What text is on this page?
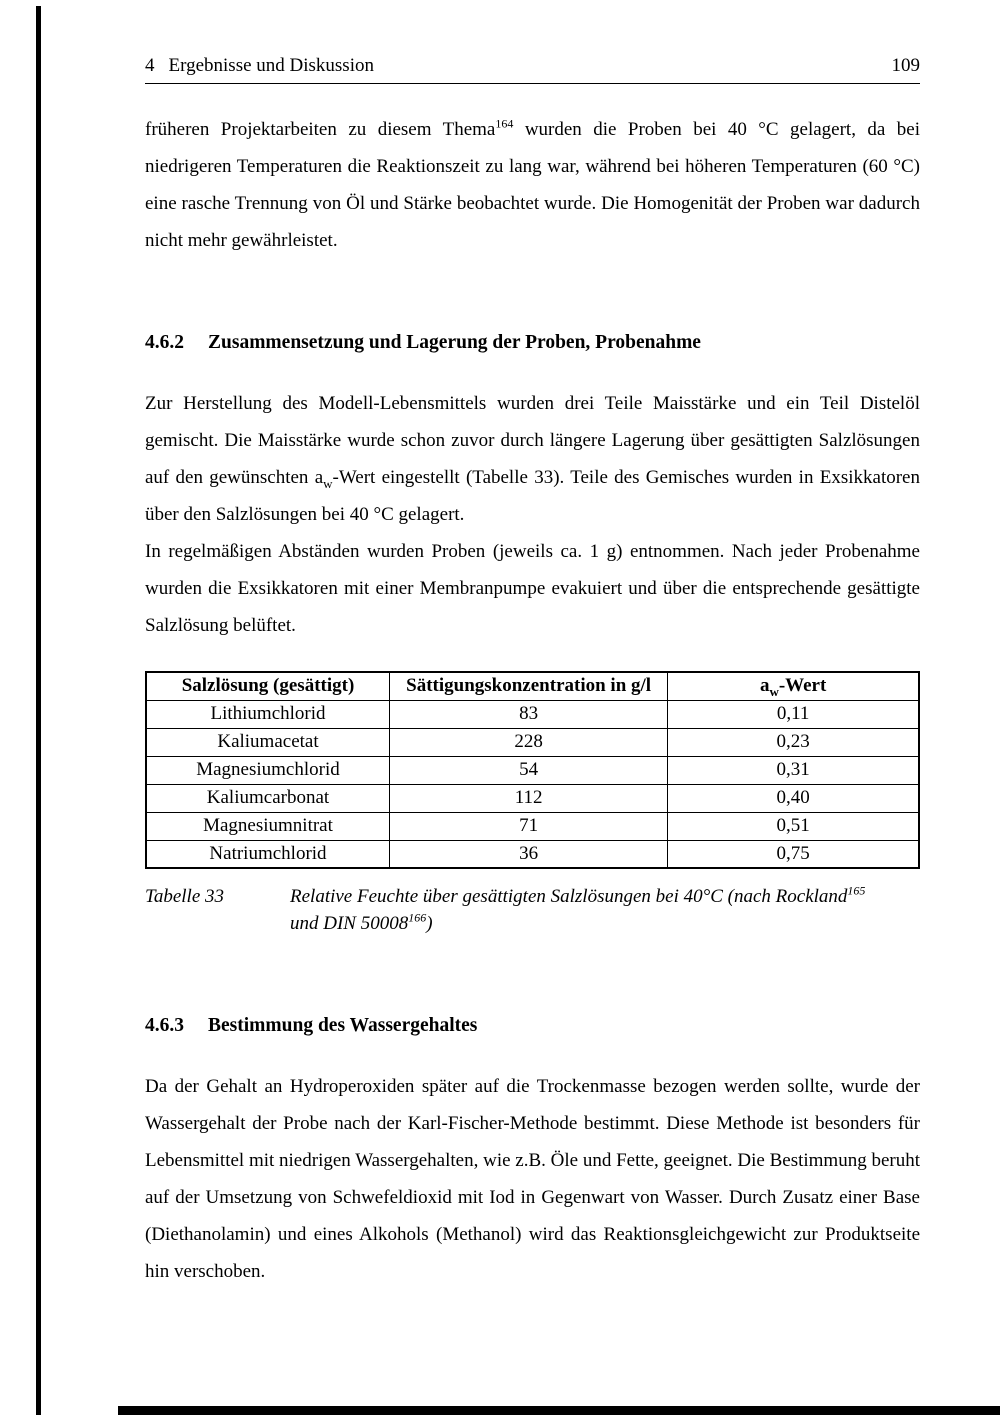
4 Ergebnisse und Diskussion	109

früheren Projektarbeiten zu diesem Thema$^{164}$ wurden die Proben bei 40 °C gelagert, da bei niedrigeren Temperaturen die Reaktionszeit zu lang war, während bei höheren Temperaturen (60 °C) eine rasche Trennung von Öl und Stärke beobachtet wurde. Die Homogenität der Proben war dadurch nicht mehr gewährleistet.

4.6.2 Zusammensetzung und Lagerung der Proben, Probenahme

Zur Herstellung des Modell-Lebensmittels wurden drei Teile Maisstärke und ein Teil Distelöl gemischt. Die Maisstärke wurde schon zuvor durch längere Lagerung über gesättigten Salzlösungen auf den gewünschten $a_w$-Wert eingestellt (Tabelle 33). Teile des Gemisches wurden in Exsikkatoren über den Salzlösungen bei 40 °C gelagert.

In regelmäßigen Abständen wurden Proben (jeweils ca. 1 g) entnommen. Nach jeder Probenahme wurden die Exsikkatoren mit einer Membranpumpe evakuiert und über die entsprechende gesättigte Salzlösung belüftet.

Salzlösung (gesättigt)	Sättigungskonzentration in g/l	$a_w$-Wert
Lithiumchlorid	83	0,11
Kaliumacetat	228	0,23
Magnesiumchlorid	54	0,31
Kaliumcarbonat	112	0,40
Magnesiumnitrat	71	0,51
Natriumchlorid	36	0,75
Tabelle 33	Relative Feuchte über gesättigten Salzlösungen bei 40°C (nach Rockland$^{165}$
und DIN 50008$^{166}$)
4.6.3 Bestimmung des Wassergehaltes

Da der Gehalt an Hydroperoxiden später auf die Trockenmasse bezogen werden sollte, wurde der Wassergehalt der Probe nach der Karl-Fischer-Methode bestimmt. Diese Methode ist besonders für Lebensmittel mit niedrigen Wassergehalten, wie z.B. Öle und Fette, geeignet. Die Bestimmung beruht auf der Umsetzung von Schwefeldioxid mit Iod in Gegenwart von Wasser. Durch Zusatz einer Base (Diethanolamin) und eines Alkohols (Methanol) wird das Reaktionsgleichgewicht zur Produktseite hin verschoben.
